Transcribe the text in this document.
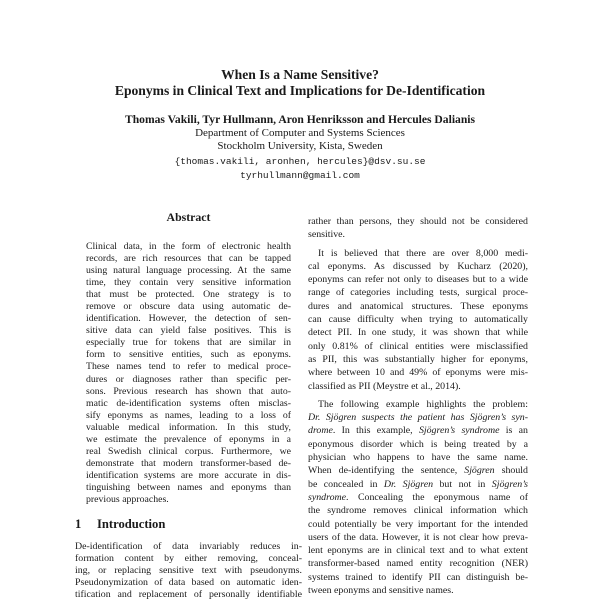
When Is a Name Sensitive?
Eponyms in Clinical Text and Implications for De-Identification
Thomas Vakili, Tyr Hullmann, Aron Henriksson and Hercules Dalianis
Department of Computer and Systems Sciences
Stockholm University, Kista, Sweden
{thomas.vakili, aronhen, hercules}@dsv.su.se
tyrhullmann@gmail.com
Abstract
Clinical data, in the form of electronic health
records, are rich resources that can be tapped
using natural language processing. At the same
time, they contain very sensitive information
that must be protected. One strategy is to
remove or obscure data using automatic de-
identification. However, the detection of sen-
sitive data can yield false positives. This is
especially true for tokens that are similar in
form to sensitive entities, such as eponyms.
These names tend to refer to medical proce-
dures or diagnoses rather than specific per-
sons. Previous research has shown that auto-
matic de-identification systems often misclas-
sify eponyms as names, leading to a loss of
valuable medical information. In this study,
we estimate the prevalence of eponyms in a
real Swedish clinical corpus. Furthermore, we
demonstrate that modern transformer-based de-
identification systems are more accurate in dis-
tinguishing between names and eponyms than
previous approaches.
1 Introduction
De-identification of data invariably reduces in-
formation content by either removing, conceal-
ing, or replacing sensitive text with pseudonyms.
Pseudonymization of data based on automatic iden-
tification and replacement of personally identifiable
rather than persons, they should not be considered
sensitive.
It is believed that there are over 8,000 medi-
cal eponyms. As discussed by Kucharz (2020),
eponyms can refer not only to diseases but to a wide
range of categories including tests, surgical proce-
dures and anatomical structures. These eponyms
can cause difficulty when trying to automatically
detect PII. In one study, it was shown that while
only 0.81% of clinical entities were misclassified
as PII, this was substantially higher for eponyms,
where between 10 and 49% of eponyms were mis-
classified as PII (Meystre et al., 2014).
The following example highlights the problem:
Dr. Sjögren suspects the patient has Sjögren’s syn-
drome. In this example, Sjögren’s syndrome is an
eponymous disorder which is being treated by a
physician who happens to have the same name.
When de-identifying the sentence, Sjögren should
be concealed in Dr. Sjögren but not in Sjögren’s
syndrome. Concealing the eponymous name of
the syndrome removes clinical information which
could potentially be very important for the intended
users of the data. However, it is not clear how preva-
lent eponyms are in clinical text and to what extent
transformer-based named entity recognition (NER)
systems trained to identify PII can distinguish be-
tween eponyms and sensitive names.
